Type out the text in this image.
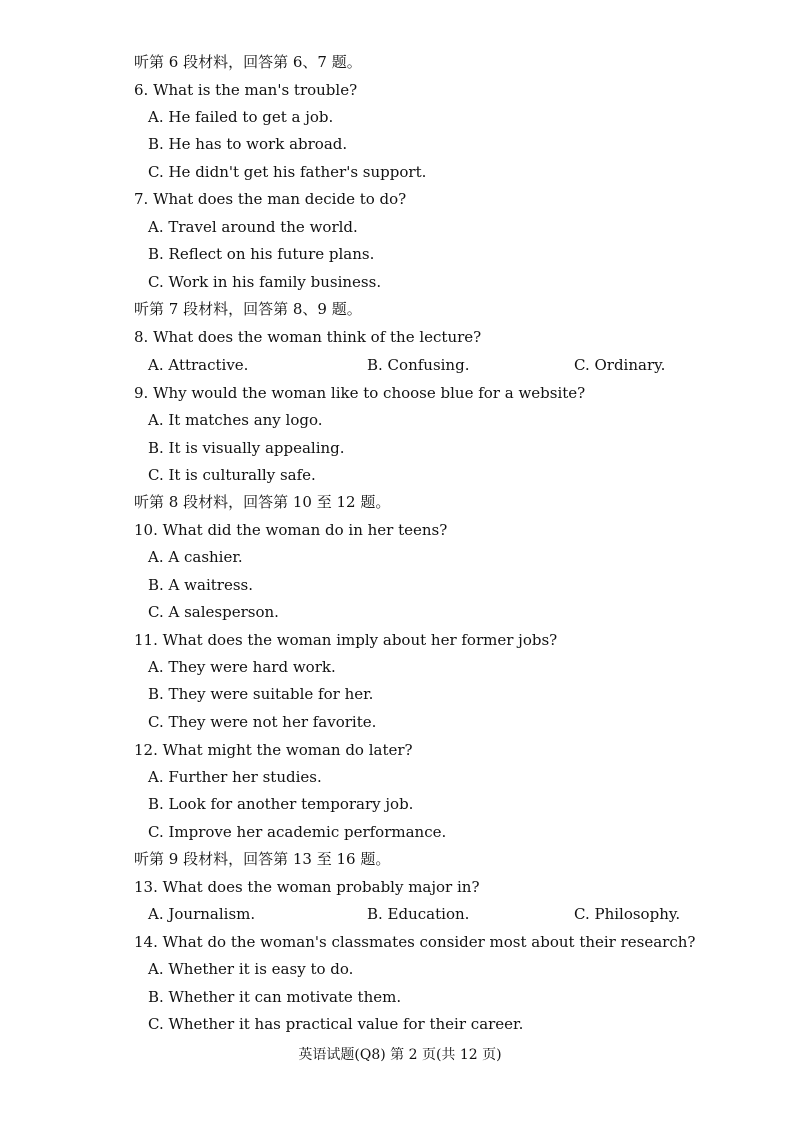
听第 6 段材料，回答第 6、7 题。
6. What is the man's trouble?
A. He failed to get a job.
B. He has to work abroad.
C. He didn't get his father's support.
7. What does the man decide to do?
A. Travel around the world.
B. Reflect on his future plans.
C. Work in his family business.
听第 7 段材料，回答第 8、9 题。
8. What does the woman think of the lecture?
A. Attractive.	B. Confusing.	C. Ordinary.
9. Why would the woman like to choose blue for a website?
A. It matches any logo.
B. It is visually appealing.
C. It is culturally safe.
听第 8 段材料，回答第 10 至 12 题。
10. What did the woman do in her teens?
A. A cashier.
B. A waitress.
C. A salesperson.
11. What does the woman imply about her former jobs?
A. They were hard work.
B. They were suitable for her.
C. They were not her favorite.
12. What might the woman do later?
A. Further her studies.
B. Look for another temporary job.
C. Improve her academic performance.
听第 9 段材料，回答第 13 至 16 题。
13. What does the woman probably major in?
A. Journalism.	B. Education.	C. Philosophy.
14. What do the woman's classmates consider most about their research?
A. Whether it is easy to do.
B. Whether it can motivate them.
C. Whether it has practical value for their career.
英语试题(Q8) 第 2 页(共 12 页)
